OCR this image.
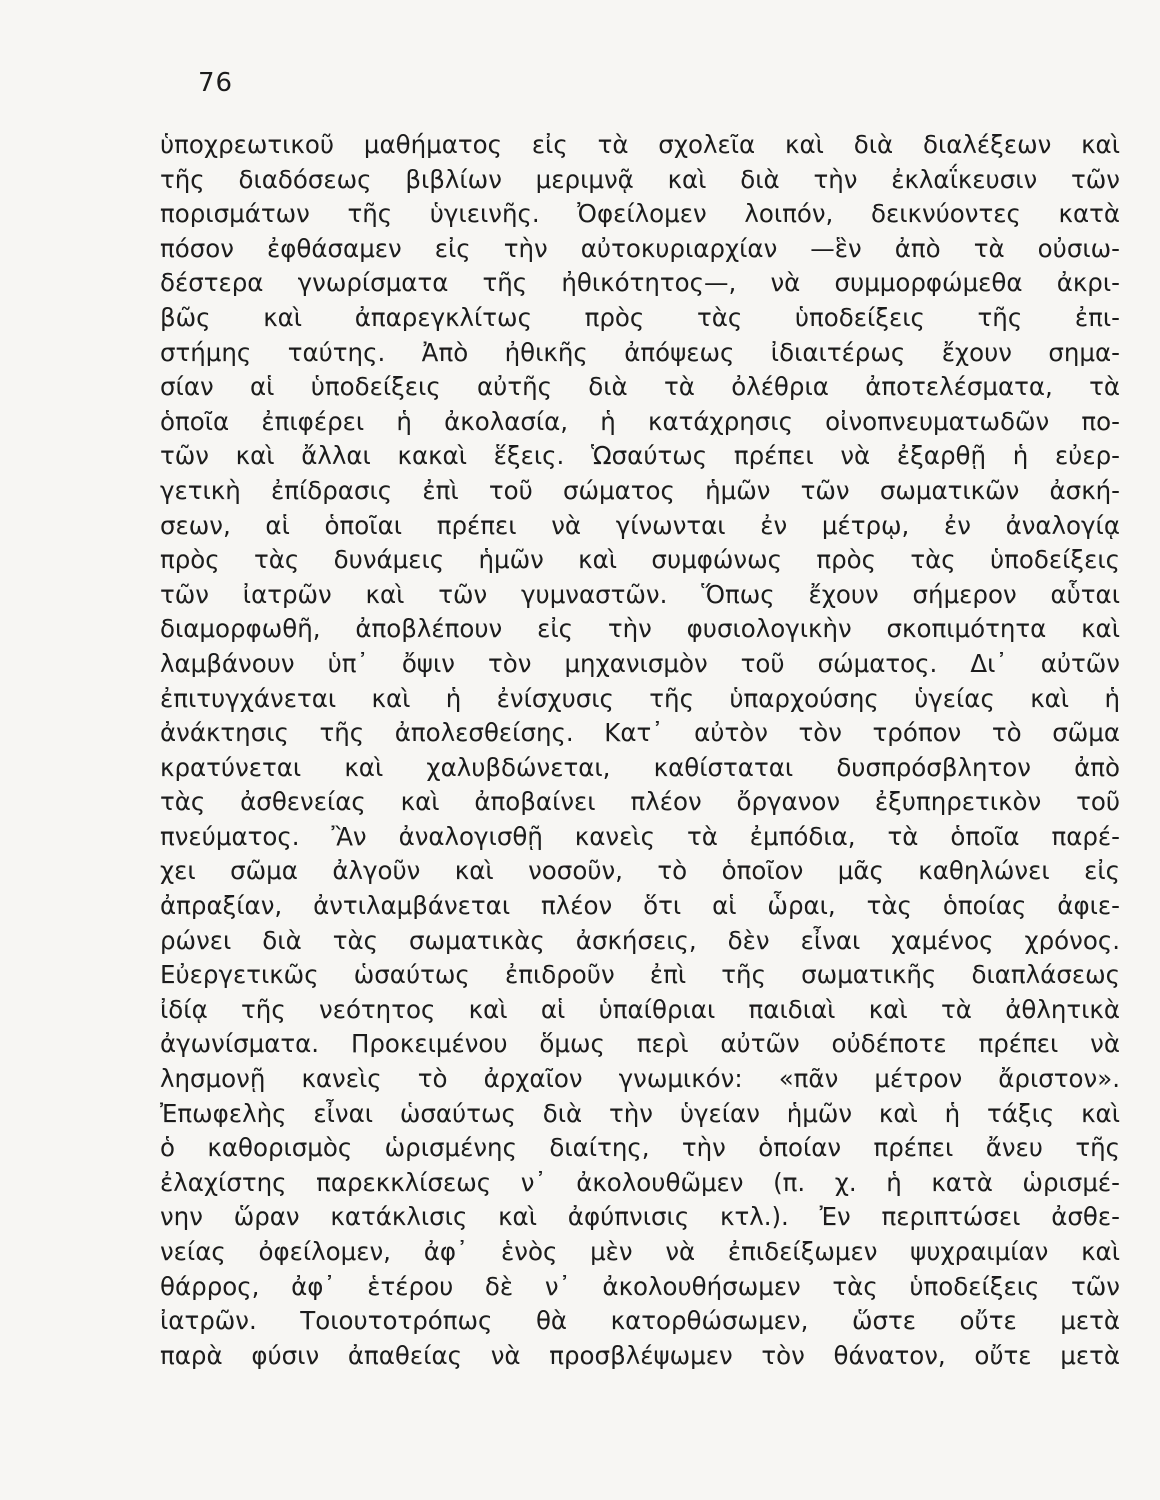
76
ὑποχρεωτικοῦ μαθήματος εἰς τὰ σχολεῖα καὶ διὰ διαλέξεων καὶ
τῆς διαδόσεως βιβλίων μεριμνᾷ καὶ διὰ τὴν ἐκλαΐκευσιν τῶν
πορισμάτων τῆς ὑγιεινῆς. Ὀφείλομεν λοιπόν, δεικνύοντες κατὰ
πόσον ἐφθάσαμεν εἰς τὴν αὐτοκυριαρχίαν —ἓν ἀπὸ τὰ οὐσιω-
δέστερα γνωρίσματα τῆς ἠθικότητος—, νὰ συμμορφώμεθα ἀκρι-
βῶς καὶ ἀπαρεγκλίτως πρὸς τὰς ὑποδείξεις τῆς ἐπι-
στήμης ταύτης. Ἀπὸ ἠθικῆς ἀπόψεως ἰδιαιτέρως ἔχουν σημα-
σίαν αἱ ὑποδείξεις αὐτῆς διὰ τὰ ὀλέθρια ἀποτελέσματα, τὰ
ὁποῖα ἐπιφέρει ἡ ἀκολασία, ἡ κατάχρησις οἰνοπνευματωδῶν πο-
τῶν καὶ ἄλλαι κακαὶ ἕξεις. Ὡσαύτως πρέπει νὰ ἐξαρθῇ ἡ εὐερ-
γετικὴ ἐπίδρασις ἐπὶ τοῦ σώματος ἡμῶν τῶν σωματικῶν ἀσκή-
σεων, αἱ ὁποῖαι πρέπει νὰ γίνωνται ἐν μέτρῳ, ἐν ἀναλογίᾳ
πρὸς τὰς δυνάμεις ἡμῶν καὶ συμφώνως πρὸς τὰς ὑποδείξεις
τῶν ἰατρῶν καὶ τῶν γυμναστῶν. Ὅπως ἔχουν σήμερον αὗται
διαμορφωθῆ, ἀποβλέπουν εἰς τὴν φυσιολογικὴν σκοπιμότητα καὶ
λαμβάνουν ὑπ᾿ ὄψιν τὸν μηχανισμὸν τοῦ σώματος. Δι᾿ αὐτῶν
ἐπιτυγχάνεται καὶ ἡ ἐνίσχυσις τῆς ὑπαρχούσης ὑγείας καὶ ἡ
ἀνάκτησις τῆς ἀπολεσθείσης. Κατ᾿ αὐτὸν τὸν τρόπον τὸ σῶμα
κρατύνεται καὶ χαλυβδώνεται, καθίσταται δυσπρόσβλητον ἀπὸ
τὰς ἀσθενείας καὶ ἀποβαίνει πλέον ὄργανον ἐξυπηρετικὸν τοῦ
πνεύματος. Ἂν ἀναλογισθῇ κανεὶς τὰ ἐμπόδια, τὰ ὁποῖα παρέ-
χει σῶμα ἀλγοῦν καὶ νοσοῦν, τὸ ὁποῖον μᾶς καθηλώνει εἰς
ἀπραξίαν, ἀντιλαμβάνεται πλέον ὅτι αἱ ὧραι, τὰς ὁποίας ἀφιε-
ρώνει διὰ τὰς σωματικὰς ἀσκήσεις, δὲν εἶναι χαμένος χρόνος.
Εὐεργετικῶς ὡσαύτως ἐπιδροῦν ἐπὶ τῆς σωματικῆς διαπλάσεως
ἰδίᾳ τῆς νεότητος καὶ αἱ ὑπαίθριαι παιδιαὶ καὶ τὰ ἀθλητικὰ
ἀγωνίσματα. Προκειμένου ὅμως περὶ αὐτῶν οὐδέποτε πρέπει νὰ
λησμονῇ κανεὶς τὸ ἀρχαῖον γνωμικόν: «πᾶν μέτρον ἄριστον».
Ἐπωφελὴς εἶναι ὡσαύτως διὰ τὴν ὑγείαν ἡμῶν καὶ ἡ τάξις καὶ
ὁ καθορισμὸς ὡρισμένης διαίτης, τὴν ὁποίαν πρέπει ἄνευ τῆς
ἐλαχίστης παρεκκλίσεως ν᾿ ἀκολουθῶμεν (π. χ. ἡ κατὰ ὡρισμέ-
νην ὥραν κατάκλισις καὶ ἀφύπνισις κτλ.). Ἐν περιπτώσει ἀσθε-
νείας ὀφείλομεν, ἀφ᾿ ἑνὸς μὲν νὰ ἐπιδείξωμεν ψυχραιμίαν καὶ
θάρρος, ἀφ᾿ ἑτέρου δὲ ν᾿ ἀκολουθήσωμεν τὰς ὑποδείξεις τῶν
ἰατρῶν. Τοιουτοτρόπως θὰ κατορθώσωμεν, ὥστε οὔτε μετὰ
παρὰ φύσιν ἀπαθείας νὰ προσβλέψωμεν τὸν θάνατον, οὔτε μετὰ
